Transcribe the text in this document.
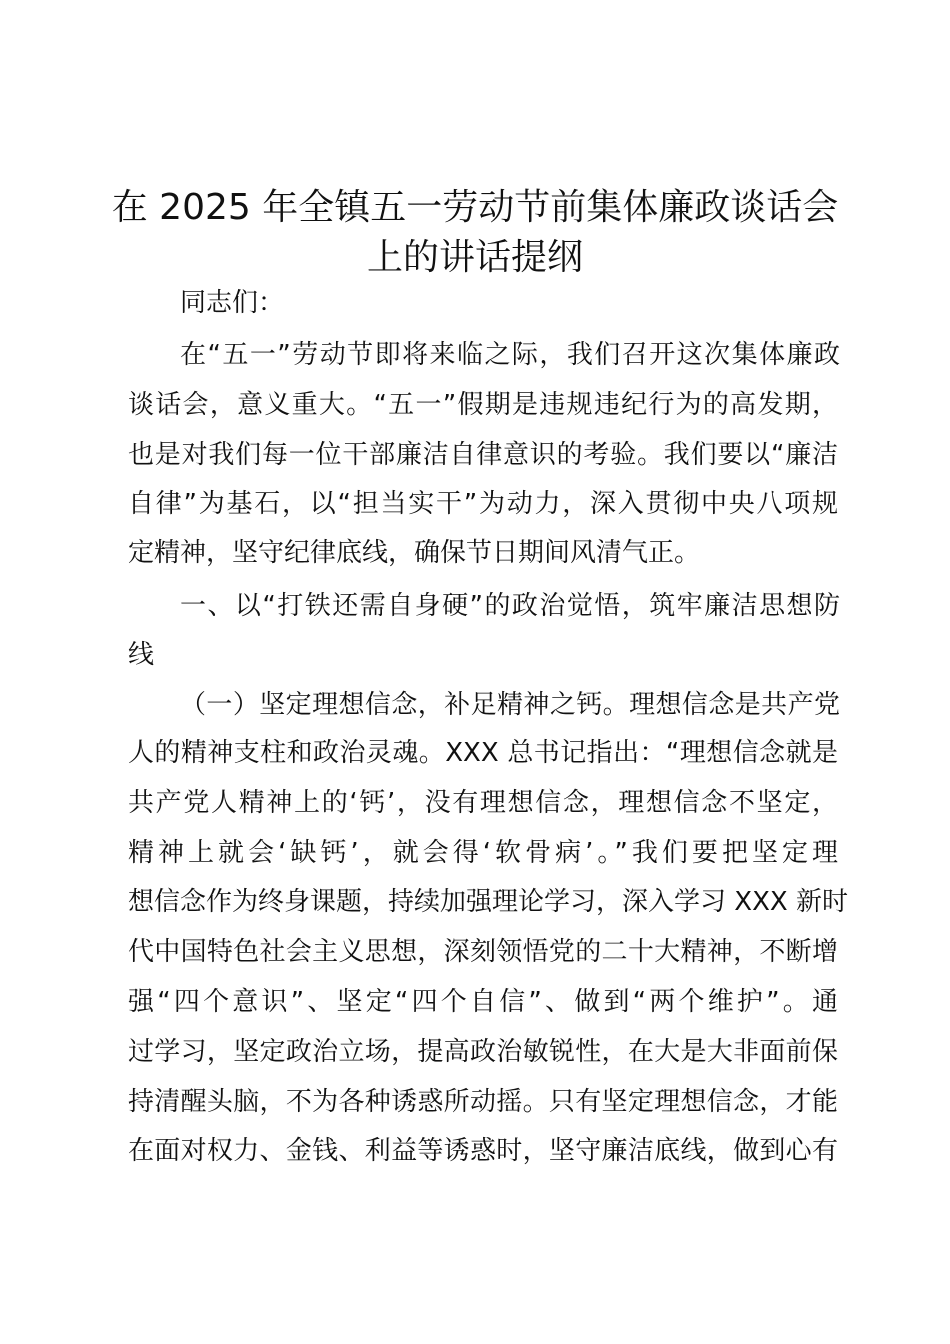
在 2025 年全镇五一劳动节前集体廉政谈话会
上的讲话提纲

同志们：

在“五一”劳动节即将来临之际，我们召开这次集体廉政

谈话会，意义重大。“五一”假期是违规违纪行为的高发期，

也是对我们每一位干部廉洁自律意识的考验。我们要以“廉洁

自律”为基石，以“担当实干”为动力，深入贯彻中央八项规

定精神，坚守纪律底线，确保节日期间风清气正。

一、以“打铁还需自身硬”的政治觉悟，筑牢廉洁思想防

线

（一）坚定理想信念，补足精神之钙。理想信念是共产党

人的精神支柱和政治灵魂。XXX 总书记指出：“理想信念就是

共产党人精神上的‘钙’，没有理想信念，理想信念不坚定，

精神上就会‘缺钙’，就会得‘软骨病’。”我们要把坚定理

想信念作为终身课题，持续加强理论学习，深入学习 XXX 新时

代中国特色社会主义思想，深刻领悟党的二十大精神，不断增

强“四个意识”、坚定“四个自信”、做到“两个维护”。通

过学习，坚定政治立场，提高政治敏锐性，在大是大非面前保

持清醒头脑，不为各种诱惑所动摇。只有坚定理想信念，才能

在面对权力、金钱、利益等诱惑时，坚守廉洁底线，做到心有
